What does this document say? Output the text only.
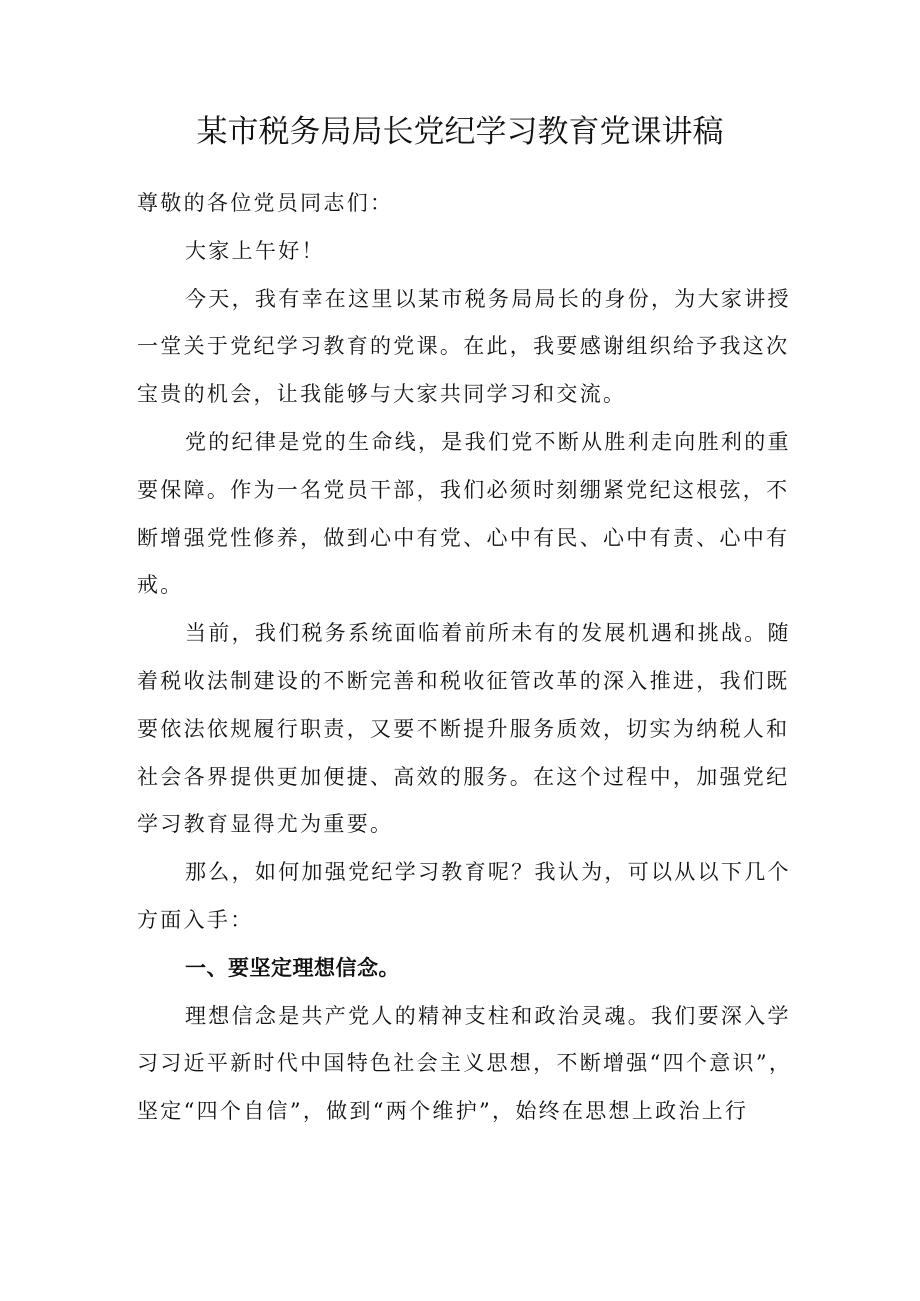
某市税务局局长党纪学习教育党课讲稿

尊敬的各位党员同志们：

大家上午好！

今天，我有幸在这里以某市税务局局长的身份，为大家讲授一堂关于党纪学习教育的党课。在此，我要感谢组织给予我这次宝贵的机会，让我能够与大家共同学习和交流。

党的纪律是党的生命线，是我们党不断从胜利走向胜利的重要保障。作为一名党员干部，我们必须时刻绷紧党纪这根弦，不断增强党性修养，做到心中有党、心中有民、心中有责、心中有戒。

当前，我们税务系统面临着前所未有的发展机遇和挑战。随着税收法制建设的不断完善和税收征管改革的深入推进，我们既要依法依规履行职责，又要不断提升服务质效，切实为纳税人和社会各界提供更加便捷、高效的服务。在这个过程中，加强党纪学习教育显得尤为重要。

那么，如何加强党纪学习教育呢？我认为，可以从以下几个方面入手：

一、要坚定理想信念。

理想信念是共产党人的精神支柱和政治灵魂。我们要深入学习习近平新时代中国特色社会主义思想，不断增强“四个意识”，坚定“四个自信”，做到“两个维护”，始终在思想上政治上行
